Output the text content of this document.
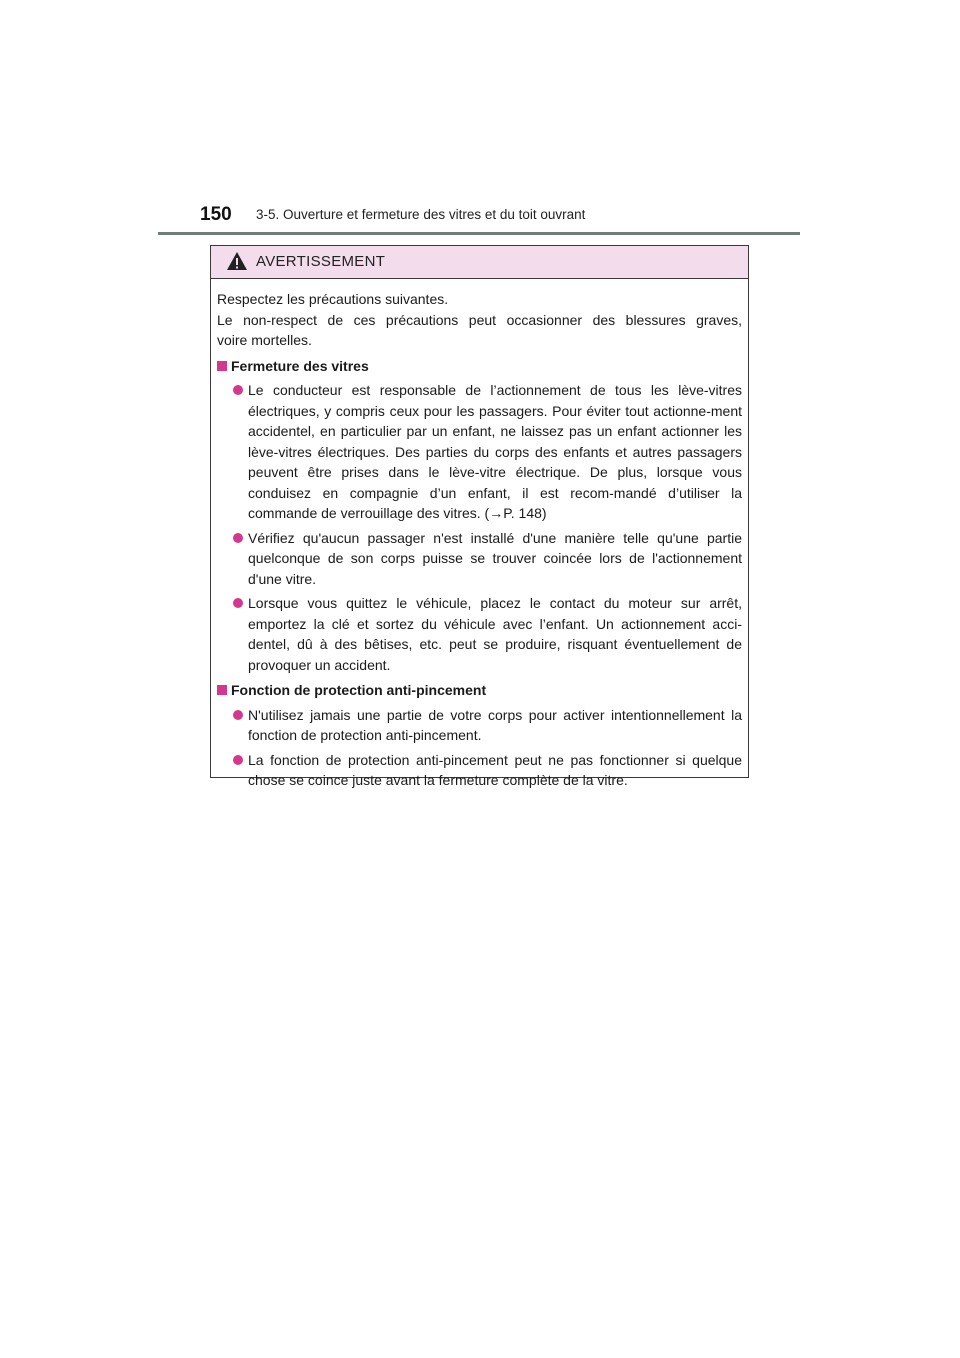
150 3-5. Ouverture et fermeture des vitres et du toit ouvrant
AVERTISSEMENT

Respectez les précautions suivantes.

Le non-respect de ces précautions peut occasionner des blessures graves,

voire mortelles.

Fermeture des vitres
Le conducteur est responsable de l’actionnement de tous les lève-vitres électriques, y compris ceux pour les passagers. Pour éviter tout actionne-ment accidentel, en particulier par un enfant, ne laissez pas un enfant actionner les lève-vitres électriques. Des parties du corps des enfants et autres passagers peuvent être prises dans le lève-vitre électrique. De plus, lorsque vous conduisez en compagnie d’un enfant, il est recom-mandé d’utiliser la commande de verrouillage des vitres. (→P. 148)
Vérifiez qu'aucun passager n'est installé d'une manière telle qu'une partie quelconque de son corps puisse se trouver coincée lors de l'actionnement d'une vitre.
Lorsque vous quittez le véhicule, placez le contact du moteur sur arrêt, emportez la clé et sortez du véhicule avec l’enfant. Un actionnement acci-dentel, dû à des bêtises, etc. peut se produire, risquant éventuellement de provoquer un accident.
Fonction de protection anti-pincement
N'utilisez jamais une partie de votre corps pour activer intentionnellement la fonction de protection anti-pincement.
La fonction de protection anti-pincement peut ne pas fonctionner si quelque chose se coince juste avant la fermeture complète de la vitre.
